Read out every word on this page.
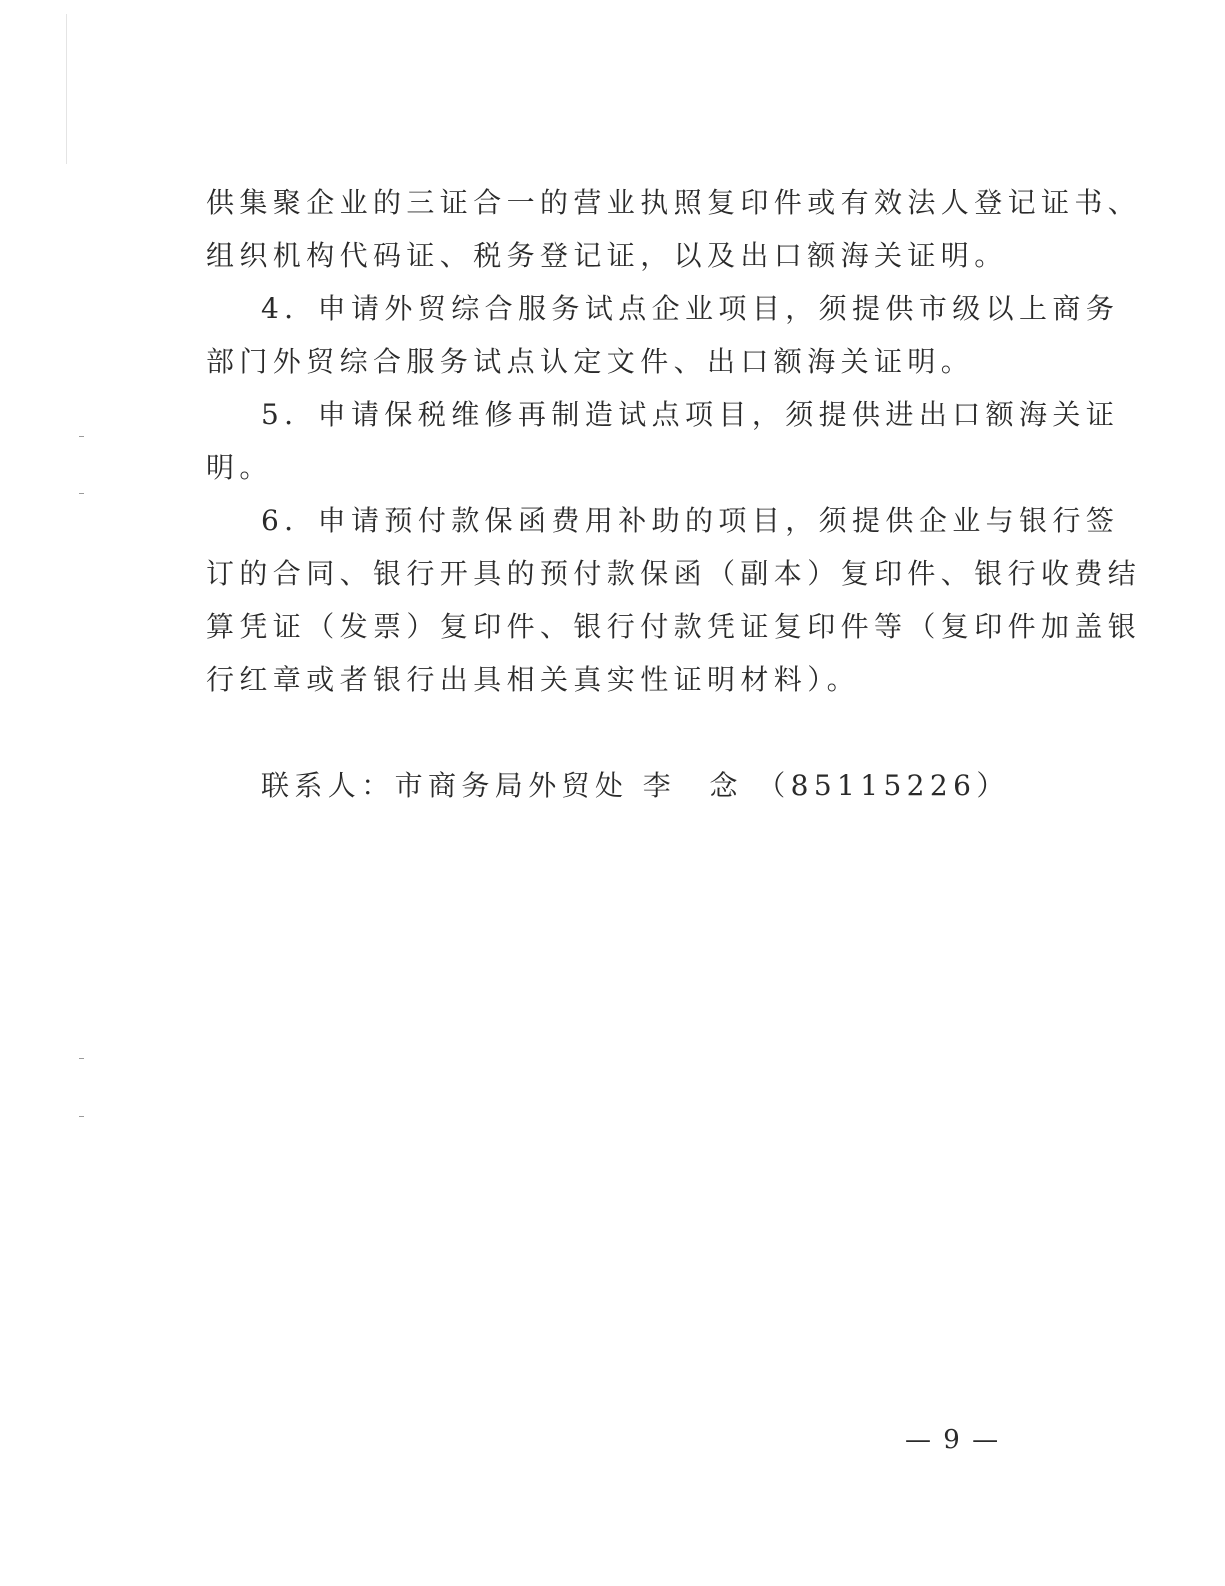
供集聚企业的三证合一的营业执照复印件或有效法人登记证书、
组织机构代码证、税务登记证，以及出口额海关证明。
4．申请外贸综合服务试点企业项目，须提供市级以上商务
部门外贸综合服务试点认定文件、出口额海关证明。
5．申请保税维修再制造试点项目，须提供进出口额海关证
明。
6．申请预付款保函费用补助的项目，须提供企业与银行签
订的合同、银行开具的预付款保函（副本）复印件、银行收费结
算凭证（发票）复印件、银行付款凭证复印件等（复印件加盖银
行红章或者银行出具相关真实性证明材料）。
联系人：市商务局外贸处 李　念 （85115226）
— 9 —
